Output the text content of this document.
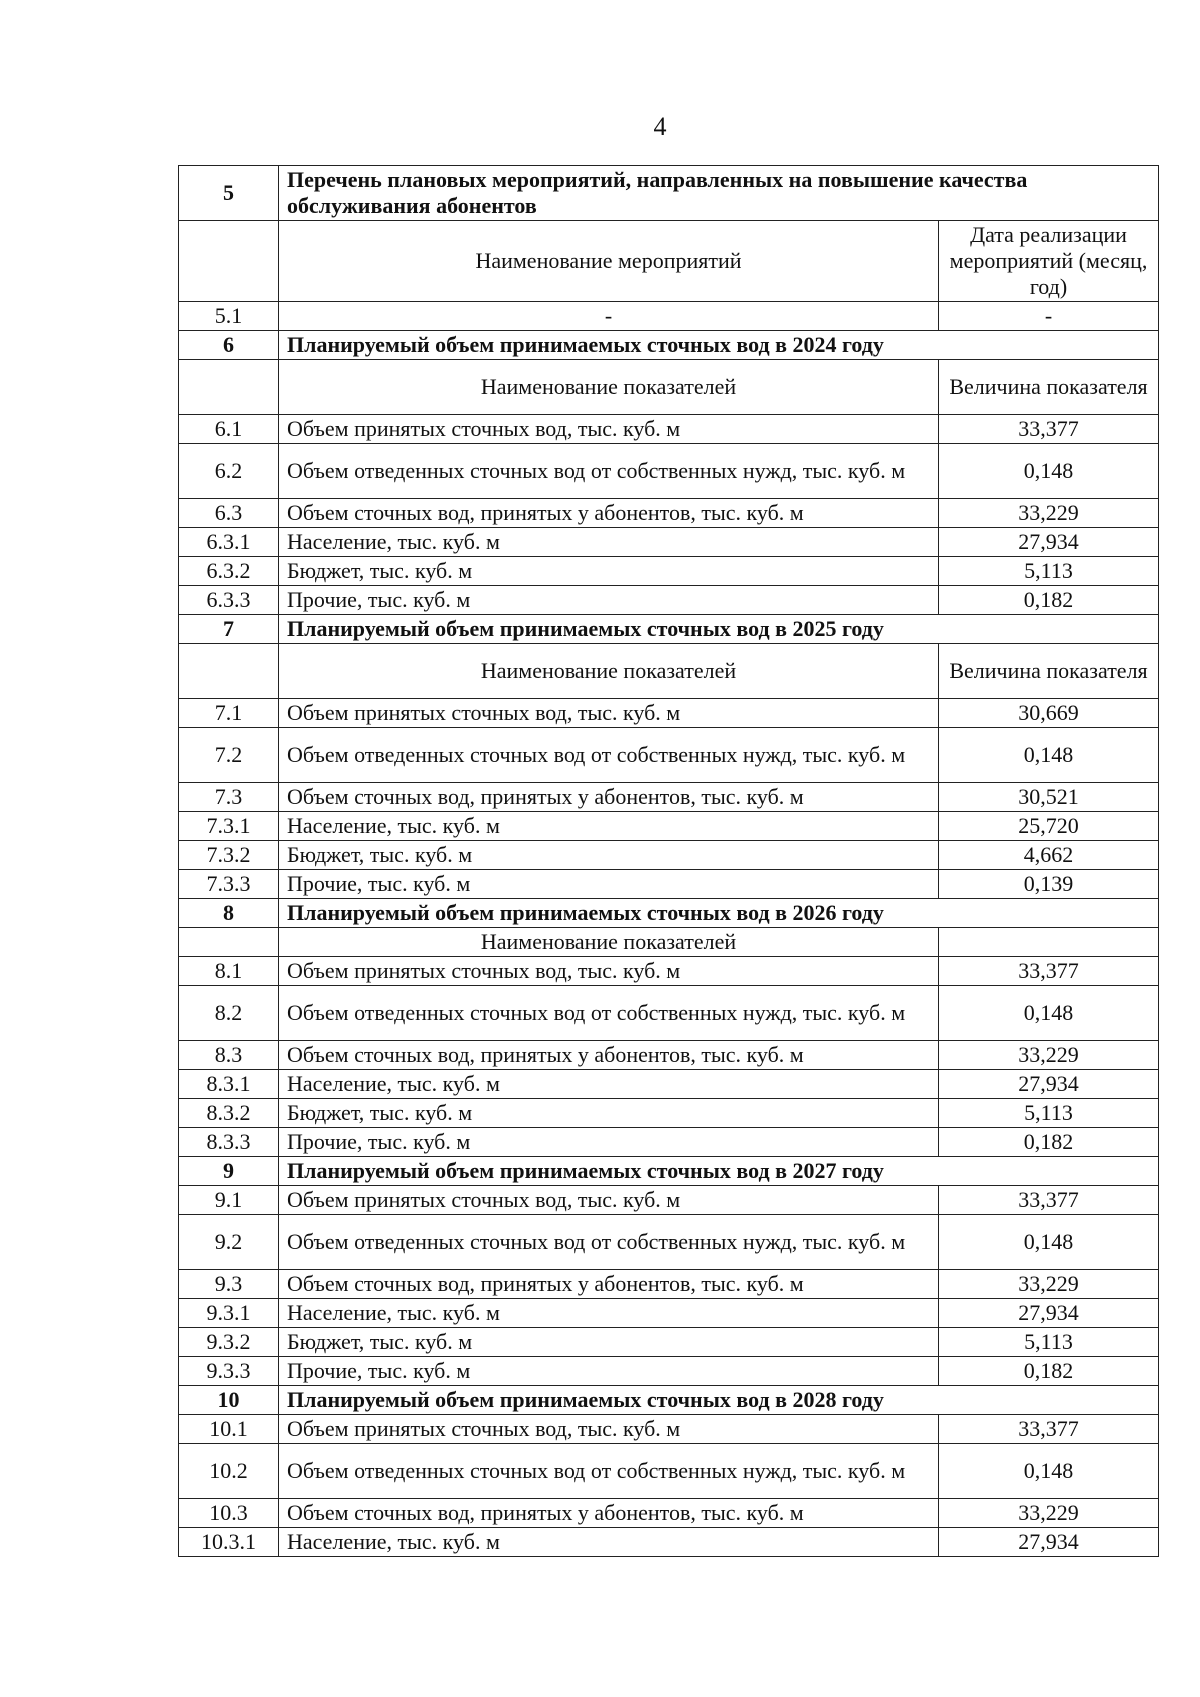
4
5	Перечень плановых мероприятий, направленных на повышение качества обслуживания абонентов	
	Наименование мероприятий	Дата реализации мероприятий (месяц, год)
5.1	-	-
6	Планируемый объем принимаемых сточных вод в 2024 году	
	Наименование показателей	Величина показателя
6.1	Объем принятых сточных вод, тыс. куб. м	33,377
6.2	Объем отведенных сточных вод от собственных нужд, тыс. куб. м	0,148
6.3	Объем сточных вод, принятых у абонентов, тыс. куб. м	33,229
6.3.1	Население, тыс. куб. м	27,934
6.3.2	Бюджет, тыс. куб. м	5,113
6.3.3	Прочие, тыс. куб. м	0,182
7	Планируемый объем принимаемых сточных вод в 2025 году	
	Наименование показателей	Величина показателя
7.1	Объем принятых сточных вод, тыс. куб. м	30,669
7.2	Объем отведенных сточных вод от собственных нужд, тыс. куб. м	0,148
7.3	Объем сточных вод, принятых у абонентов, тыс. куб. м	30,521
7.3.1	Население, тыс. куб. м	25,720
7.3.2	Бюджет, тыс. куб. м	4,662
7.3.3	Прочие, тыс. куб. м	0,139
8	Планируемый объем принимаемых сточных вод в 2026 году	
	Наименование показателей	
8.1	Объем принятых сточных вод, тыс. куб. м	33,377
8.2	Объем отведенных сточных вод от собственных нужд, тыс. куб. м	0,148
8.3	Объем сточных вод, принятых у абонентов, тыс. куб. м	33,229
8.3.1	Население, тыс. куб. м	27,934
8.3.2	Бюджет, тыс. куб. м	5,113
8.3.3	Прочие, тыс. куб. м	0,182
9	Планируемый объем принимаемых сточных вод в 2027 году	
9.1	Объем принятых сточных вод, тыс. куб. м	33,377
9.2	Объем отведенных сточных вод от собственных нужд, тыс. куб. м	0,148
9.3	Объем сточных вод, принятых у абонентов, тыс. куб. м	33,229
9.3.1	Население, тыс. куб. м	27,934
9.3.2	Бюджет, тыс. куб. м	5,113
9.3.3	Прочие, тыс. куб. м	0,182
10	Планируемый объем принимаемых сточных вод в 2028 году	
10.1	Объем принятых сточных вод, тыс. куб. м	33,377
10.2	Объем отведенных сточных вод от собственных нужд, тыс. куб. м	0,148
10.3	Объем сточных вод, принятых у абонентов, тыс. куб. м	33,229
10.3.1	Население, тыс. куб. м	27,934
